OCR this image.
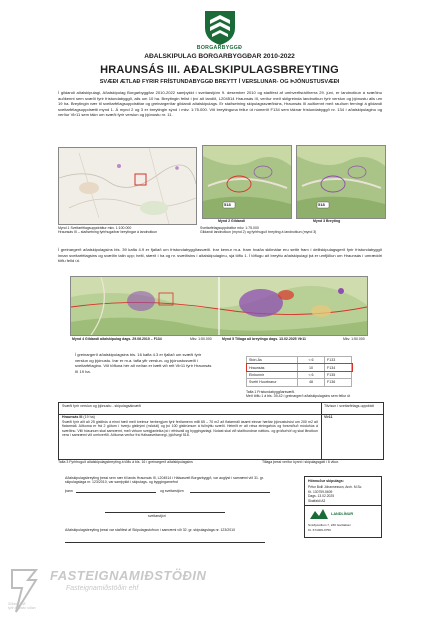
BORGARBYGGÐ
AÐALSKIPULAG BORGARBYGGÐAR 2010-2022
HRAUNSÁS III. AÐALSKIPULAGSBREYTING
SVÆÐI ÆTLAÐ FYRIR FRÍSTUNDABYGGÐ BREYTT Í VERSLUNAR- OG ÞJÓNUSTUSVÆÐI
Í gildandi aðalskipulagi, Aðalskipulag Borgarbyggðar 2010-2022 samþykkt í sveitarstjórn 9. desember 2010 og staðfest af umhverfisráðherra 29. júní, er landnotkun á svæðinu auðkennt sem svæði fyrir frístundabyggð, alls um 10 ha. Breytingin felist í því að landið, L204514 Hraunsás III, verður með skilgreinda landnotkun fyrir verslun og þjónustu alls um 19 ha. Breytingin nær til sveitarfélagsuppdráttar og greinargerðar gildandi aðalskipulags. Er staðsetning skipulagssvæðisins, Hraunsás III auðkennt með rauðum ferningi á gildandi sveitarfélagsuppdrætti mynd 1. Á mynd 2 og 3 er breytingin sýnd í mkv. 1:75.000. Við breytinguna fellur út númerið F134 sem táknar frístundabyggð nr. 134 í aðalskipulaginu og verður VÞ11 sem tákn um svæði fyrir verslun og þjónustu nr. 11.
Mynd 1 Sveitarfélagsuppdráttur mkv. 1:100.000
Hraunsás III – staðsetning fyrirhugaðrar breytingar á landnotkun
518
Mynd 2 Gildandi
518
Mynd 3 Breyting
Sveitarfélagsuppdráttur mkv. 1:75.000
Gildandi landnotkun (mynd 2) og fyrirhuguð breyting á landnotkun (mynd 3)
Í greinargerð aðalskipulagsins bls. 39 kafla 4.9 er fjallað um frístundabyggðasvæði. Þar kemur m.a. fram hvaða skilmálar eru settir fram í deiliskipulagsgerð fyrir frístundabyggð innan sveitarfélagsins og svæðin talin upp; heiti, stærð í ha og nr. svæðisins í aðalskipulaginu, sjá töflu 1. Í töflugu að breyttu aðalskipulagi þá er umfjöllun um Hraunsás í umræddri töflu felld út.
Mynd 4 Gildandi aðalskipulag dags. 29.06.2010 – F134	Mkv. 1:50.000	Mynd 5 Tillaga að breytingu dags. 13.02.2025 VÞ11	Mkv. 1:50.000
Í greinargerð aðalskipulagsins bls. 16 kafla 4.3 er fjallað um svæði fyrir verslun og þjónustu. Þar er m.a. tafla yfir verslun- og þjónustusvæði í sveitarfélaginu. Við töfluna hér að neðan er bætt við reit VÞ11 fyrir Hraunsás III 19 ha.
Stóri-Ás	< 6	F133
Hraunsás	10	F134
Einkunnir	< 6	F135
Svefri Huurbrarur	48	F136
Tafla 1 Frístundabyggðarsvæði.
Með töflu 1 á bls. 39-42 í greinargerð aðalskipulagsins sem fellur út
Svæði fyrir verslun og þjónustu - skipulagsákvæði	Tilvísun í sveitarfélags-uppdrátt
Hraunsás III (19 ha)
Svæði fyrir allt að 25 gistihús á einni hæð með tveimur herbergjum fyrir ferðamenn milli 65 – 70 m2 að flatarmáli ásamt einnar hæðar þjónustuhúsi um 200 m2 að flatarmáli. Aðkoma er frá 2 götum í hverju gistirými (möduli) og þó 100 gistirúmum á fullnýttu svæði. Heimilt er að reisa einingahús og forsmíðuð móduhús á svæðinu. Villi húsunum skal samræmt, með virkum sveigjanleika þó í efnisvali og byggingarlagi. Notast skal við staðbundnar náttúru- og gróðurhóf og skal litnotkun vera í samræmi við umhverfið. Aðkoma verður frá Hálsasveitarvegi, þjóðvegi 518.
VÞ11
Tafla 3 Fyrirhuguð aðalskipulagsbreyting á töflu á bls. 16 í greinargerð aðalskipulagsins	Tillaga þessi verður kynnt í skipulagsgátt í 6 vikur.
Aðalskipulagsbreyting þessi sem nær til lands Hraunsás III, L204514 í Hálsasveit Borgarbyggð, var auglýst í samræmi við 31. gr. skipulagslaga nr. 123/2010, var samþykkt í skipulags- og byggingarnefnd
þann	og sveitarstjórn
sveitarstjóri
Aðalskipulagsbreyting þessi var staðfest af Skipulagsstofnun í samræmi við 32. gr. skipulagslaga nr. 123/2010
Hönnuður skipulags:
Pétur Bolli Jóhannesson, Arch. M.Sc.
Kt. 130759-5609
Dags. 13.02.2025
Skalfaldi A3
LANDLÍNUR
Smiðjuvöllum 7, 230 Garðabær
Kt. 671006-0750
FASTEIGNAMIÐSTÖÐIN
Fasteignamiðstöðin ehf
Síðan 1958
fyrir bændur síðan
